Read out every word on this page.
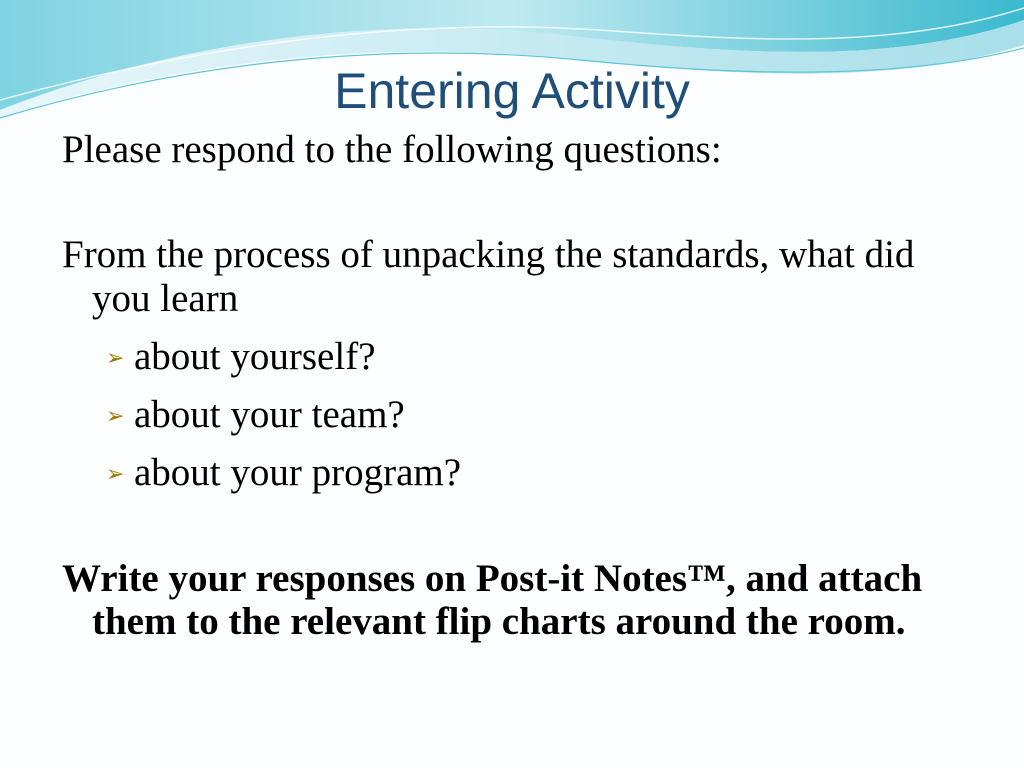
Entering Activity

Please respond to the following questions:

From the process of unpacking the standards, what did you learn

➢ about yourself?
➢ about your team?
➢ about your program?

Write your responses on Post-it Notes™, and attach them to the relevant flip charts around the room.
